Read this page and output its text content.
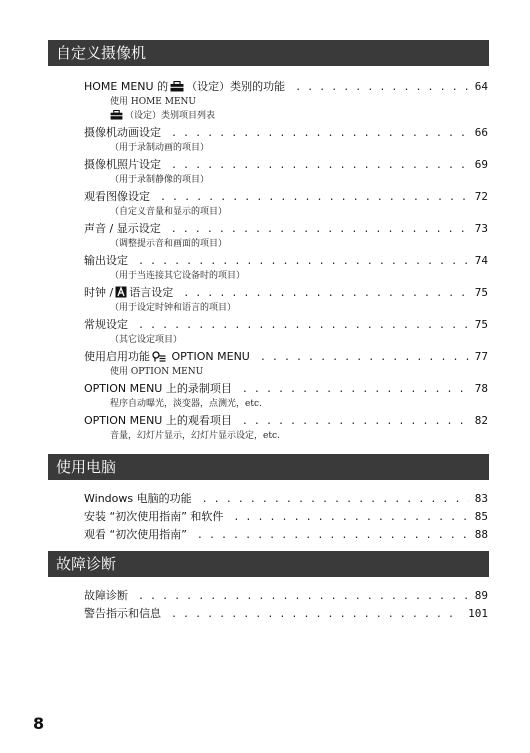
自定义摄像机
HOME MENU 的 （设定）类别的功能 . . .	64
使用 HOME MENU
（设定）类别项目列表
摄像机动画设定 . . .	66
（用于录制动画的项目）
摄像机照片设定 . . .	69
（用于录制静像的项目）
观看图像设定 . . .	72
（自定义音量和显示的项目）
声音 / 显示设定 . . .	73
（调整提示音和画面的项目）
输出设定 . . .	74
（用于当连接其它设备时的项目）
时钟 / 语言设定 . . .	75
（用于设定时钟和语言的项目）
常规设定 . . .	75
（其它设定项目）
使用启用功能 OPTION MENU . . .	77
使用 OPTION MENU
OPTION MENU 上的录制项目 . . .	78
程序自动曝光，淡变器，点测光，etc.
OPTION MENU 上的观看项目 . . .	82
音量，幻灯片显示，幻灯片显示设定，etc.
使用电脑
Windows 电脑的功能 . . .	83
安装 “初次使用指南” 和软件 . . .	85
观看 “初次使用指南” . . .	88
故障诊断
故障诊断 . . .	89
警告指示和信息 . . .	101
8
